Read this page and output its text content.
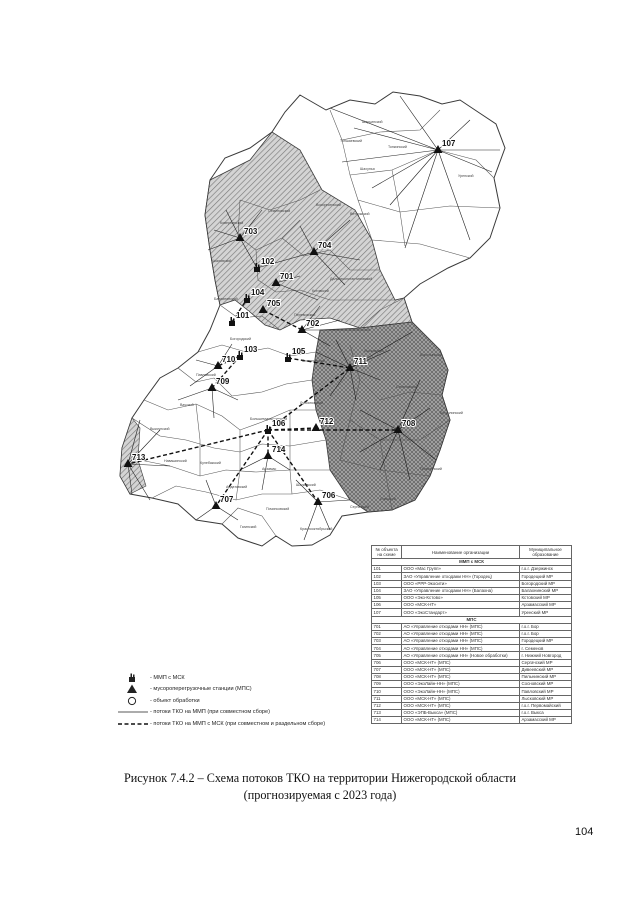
Шарьинский
Тоншаевский
Тонкинский
Шахунья
Уренский
Ветлужский
Воскресенский
Семёновский
Ковернинский
Чкаловский
Балахнинский
Кстовский
Богородский
Дальнеконстантиновский
Павловский
Вачский
Выксунский
Навашинский	Кулебакский
Ардатовский
Арзамас
Шатковский
Гагинский
Сергачский
Пильнинский
Сеченовский
Лукояновский
Починковский
Лысковский
Княгининский
Бутурлинский
Перевозский
Воротынский
Спасский
Краснооктябрьский
Большемурашкинский
107
703
704
102
701
104
705
101
702
103	105
710	711
709
708
106	712
714
713
707	706
- ММП с МСК
- мусороперегрузочные станции (МПС)
- объект обработки
- потоки ТКО на ММП (при совместном сборе)
- потоки ТКО на ММП с МСК (при совместном и раздельном сборе)
№ объекта на схеме	Наименование организации	Муниципальное образование
ММП с МСК		
101	ООО «Мас Групп»	г.о.г. Дзержинск
102	ЗАО «Управление отходами НН» (Городец)	Городецкий МР
103	ООО «РРР-Экосити»	Богородский МР
104	ЗАО «Управление отходами НН» (Балахна)	Балахнинский МР
105	ООО «Эко-Кстово»	Кстовский МР
106	ООО «МСК-НТ»	Арзамасский МР
107	ООО «ЭкоСтандарт»	Уренский МР
МПС		
701	АО «Управление отходами НН» (МПС)	г.о.г. Бор
702	АО «Управление отходами НН» (МПС)	г.о.г. Бор
703	АО «Управление отходами НН» (МПС)	Городецкий МР
704	АО «Управление отходами НН» (МПС)	г. Семенов
705	АО «Управление отходами НН» (Новое обработки)	г. Нижний Новгород
706	ООО «МСК-НТ» (МПС)	Сергачский МР
707	ООО «МСК-НТ» (МПС)	Дивеевский МР
708	ООО «МСК-НТ» (МПС)	Пильнинский МР
709	ООО «ЭкоЛайн-НН» (МПС)	Сосновский МР
710	ООО «ЭкоЛайн-НН» (МПС)	Павловский МР
711	ООО «МСК-НТ» (МПС)	Лысковский МР
712	ООО «МСК-НТ» (МПС)	г.о.г. Первомайский
713	ООО «ЭПБ-Выкса» (МПС)	г.о.г. Выкса
714	ООО «МСК-НТ» (МПС)	Арзамасский МР
Рисунок 7.4.2 – Схема потоков ТКО на территории Нижегородской области
(прогнозируемая с 2023 года)
104
